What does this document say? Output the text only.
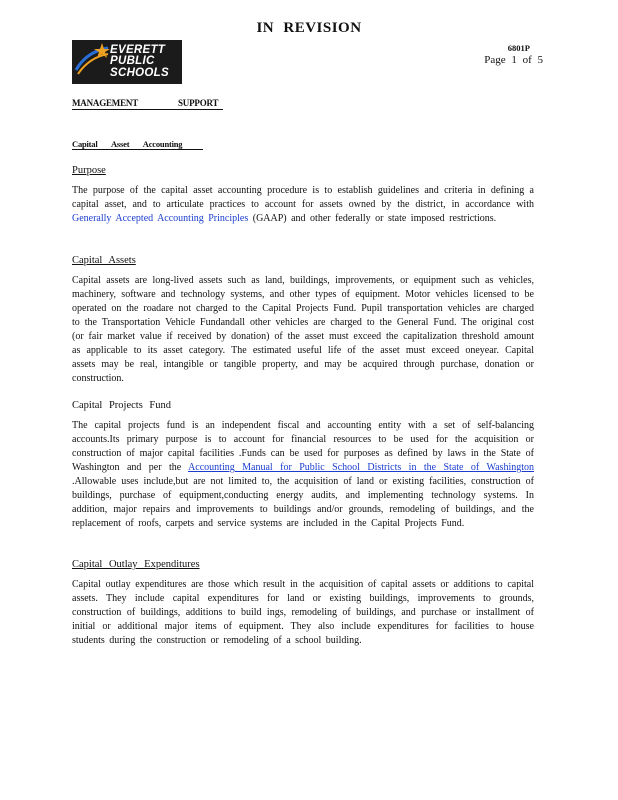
IN REVISION
EVERETT
PUBLIC
SCHOOLS
6801P
Page 1 of 5
MANAGEMENT	SUPPORT
Capital Asset Accounting
Purpose
The purpose of the capital asset accounting procedure is to establish guidelines and criteria in defining a capital asset, and to articulate practices to account for assets owned by the district, in accordance with Generally Accepted Accounting Principles (GAAP) and other federally or state imposed restrictions.
Capital Assets
Capital assets are long-lived assets such as land, buildings, improvements, or equipment such as vehicles, machinery, software and technology systems, and other types of equipment. Motor vehicles licensed to be operated on the roadare not charged to the Capital Projects Fund. Pupil transportation vehicles are charged to the Transportation Vehicle Fundandall other vehicles are charged to the General Fund. The original cost (or fair market value if received by donation) of the asset must exceed the capitalization threshold amount as applicable to its asset category. The estimated useful life of the asset must exceed oneyear. Capital assets may be real, intangible or tangible property, and may be acquired through purchase, donation or construction.
Capital Projects Fund
The capital projects fund is an independent fiscal and accounting entity with a set of self-balancing accounts.Its primary purpose is to account for financial resources to be used for the acquisition or construction of major capital facilities .Funds can be used for purposes as defined by laws in the State of Washington and per the Accounting Manual for Public School Districts in the State of Washington .Allowable uses include,but are not limited to, the acquisition of land or existing facilities, construction of buildings, purchase of equipment,conducting energy audits, and implementing technology systems. In addition, major repairs and improvements to buildings and/or grounds, remodeling of buildings, and the replacement of roofs, carpets and service systems are included in the Capital Projects Fund.
Capital Outlay Expenditures
Capital outlay expenditures are those which result in the acquisition of capital assets or additions to capital assets. They include capital expenditures for land or existing buildings, improvements to grounds, construction of buildings, additions to build ings, remodeling of buildings, and purchase or installment of initial or additional major items of equipment. They also include expenditures for facilities to house students during the construction or remodeling of a school building.
